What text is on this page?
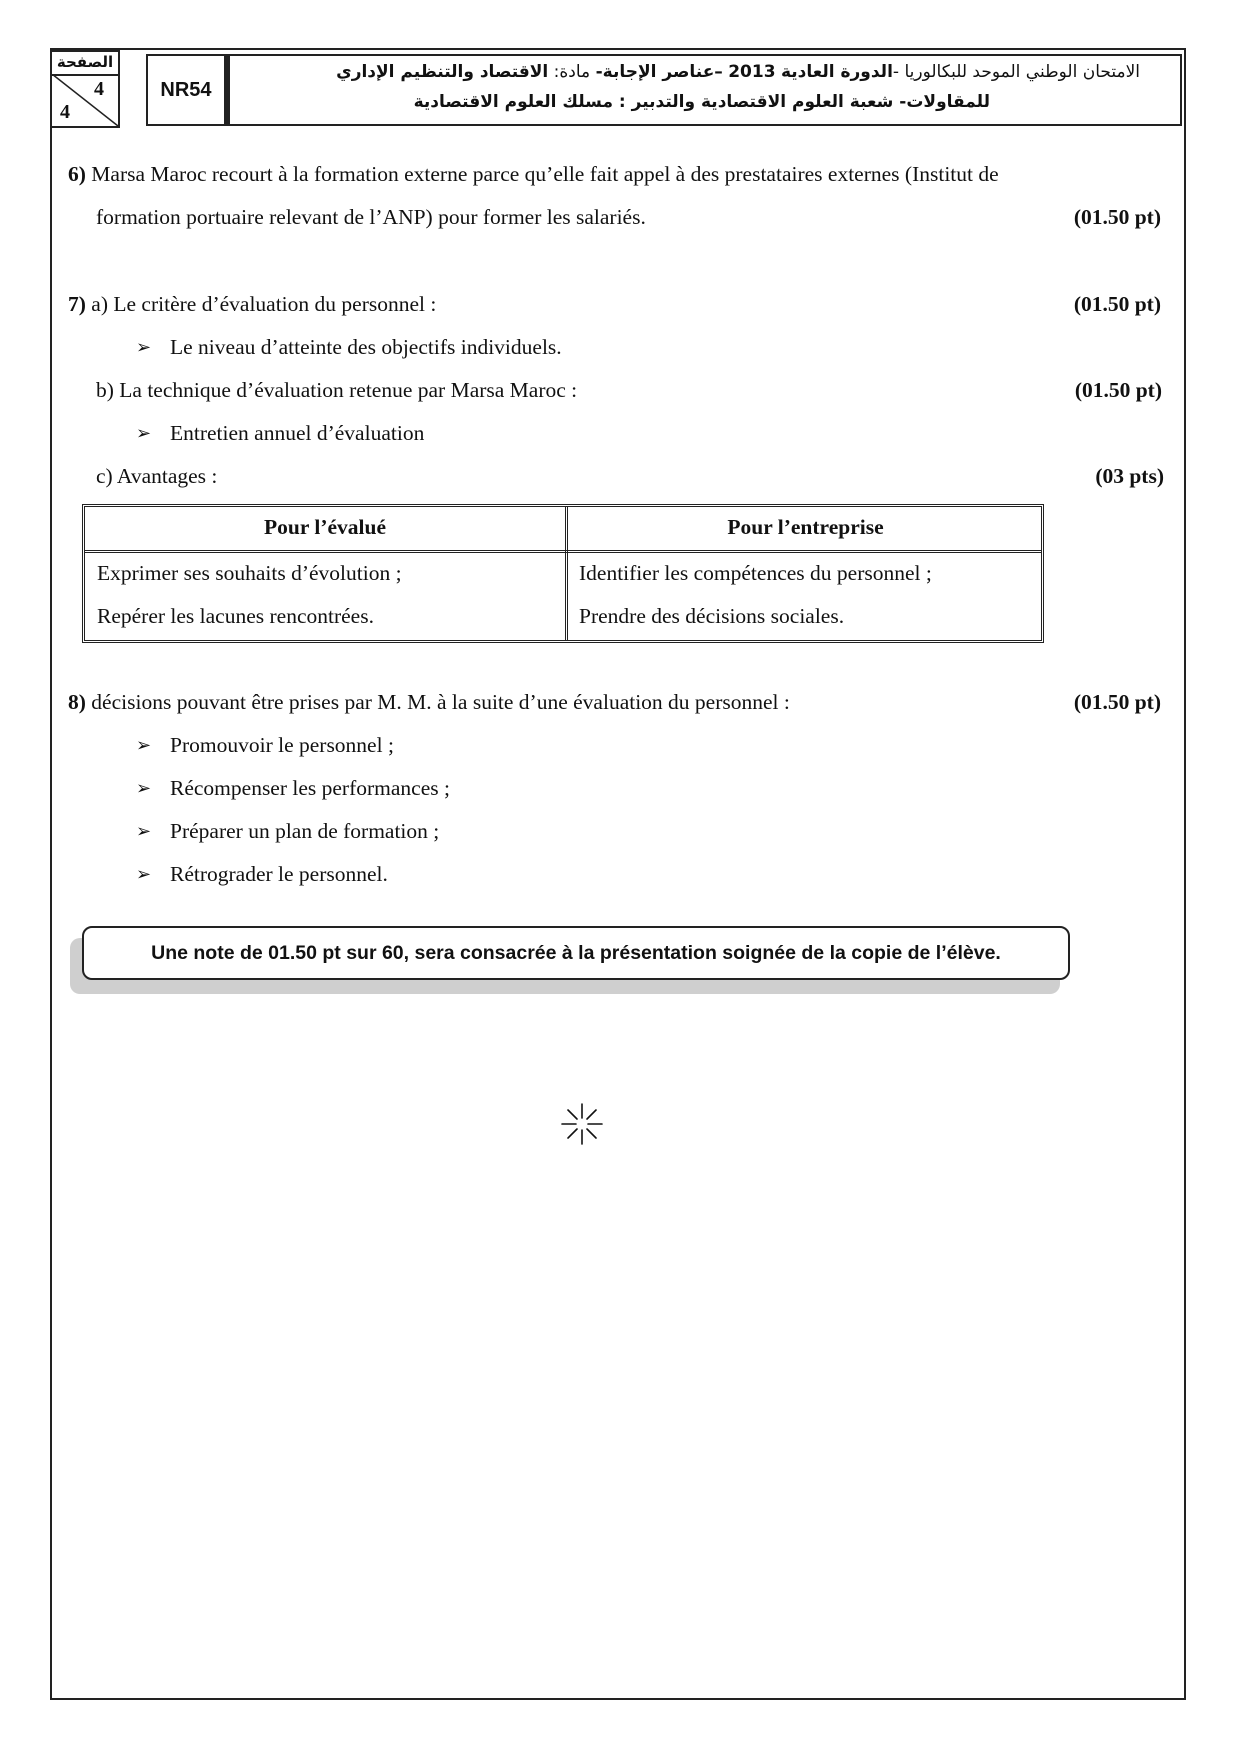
الصفحة
4
4
NR54
الامتحان الوطني الموحد للبكالوريا -الدورة العادية 2013 –عناصر الإجابة- مادة: الاقتصاد والتنظيم الإداري
للمقاولات- شعبة العلوم الاقتصادية والتدبير : مسلك العلوم الاقتصادية
6) Marsa Maroc recourt à la formation externe parce qu’elle fait appel à des prestataires externes (Institut de
formation portuaire relevant de l’ANP) pour former les salariés.	(01.50 pt)
7) a) Le critère d’évaluation du personnel :	(01.50 pt)
➢ Le niveau d’atteinte des objectifs individuels.
b) La technique d’évaluation retenue par Marsa Maroc :	(01.50 pt)
➢ Entretien annuel d’évaluation
c) Avantages :	(03 pts)
Pour l’évalué	Pour l’entreprise
Exprimer ses souhaits d’évolution ;	Identifier les compétences du personnel ;
Repérer les lacunes rencontrées.	Prendre des décisions sociales.
8) décisions pouvant être prises par M. M. à la suite d’une évaluation du personnel :	(01.50 pt)
➢ Promouvoir le personnel ;
➢ Récompenser les performances ;
➢ Préparer un plan de formation ;
➢ Rétrograder le personnel.
Une note de 01.50 pt sur 60, sera consacrée à la présentation soignée de la copie de l’élève.
